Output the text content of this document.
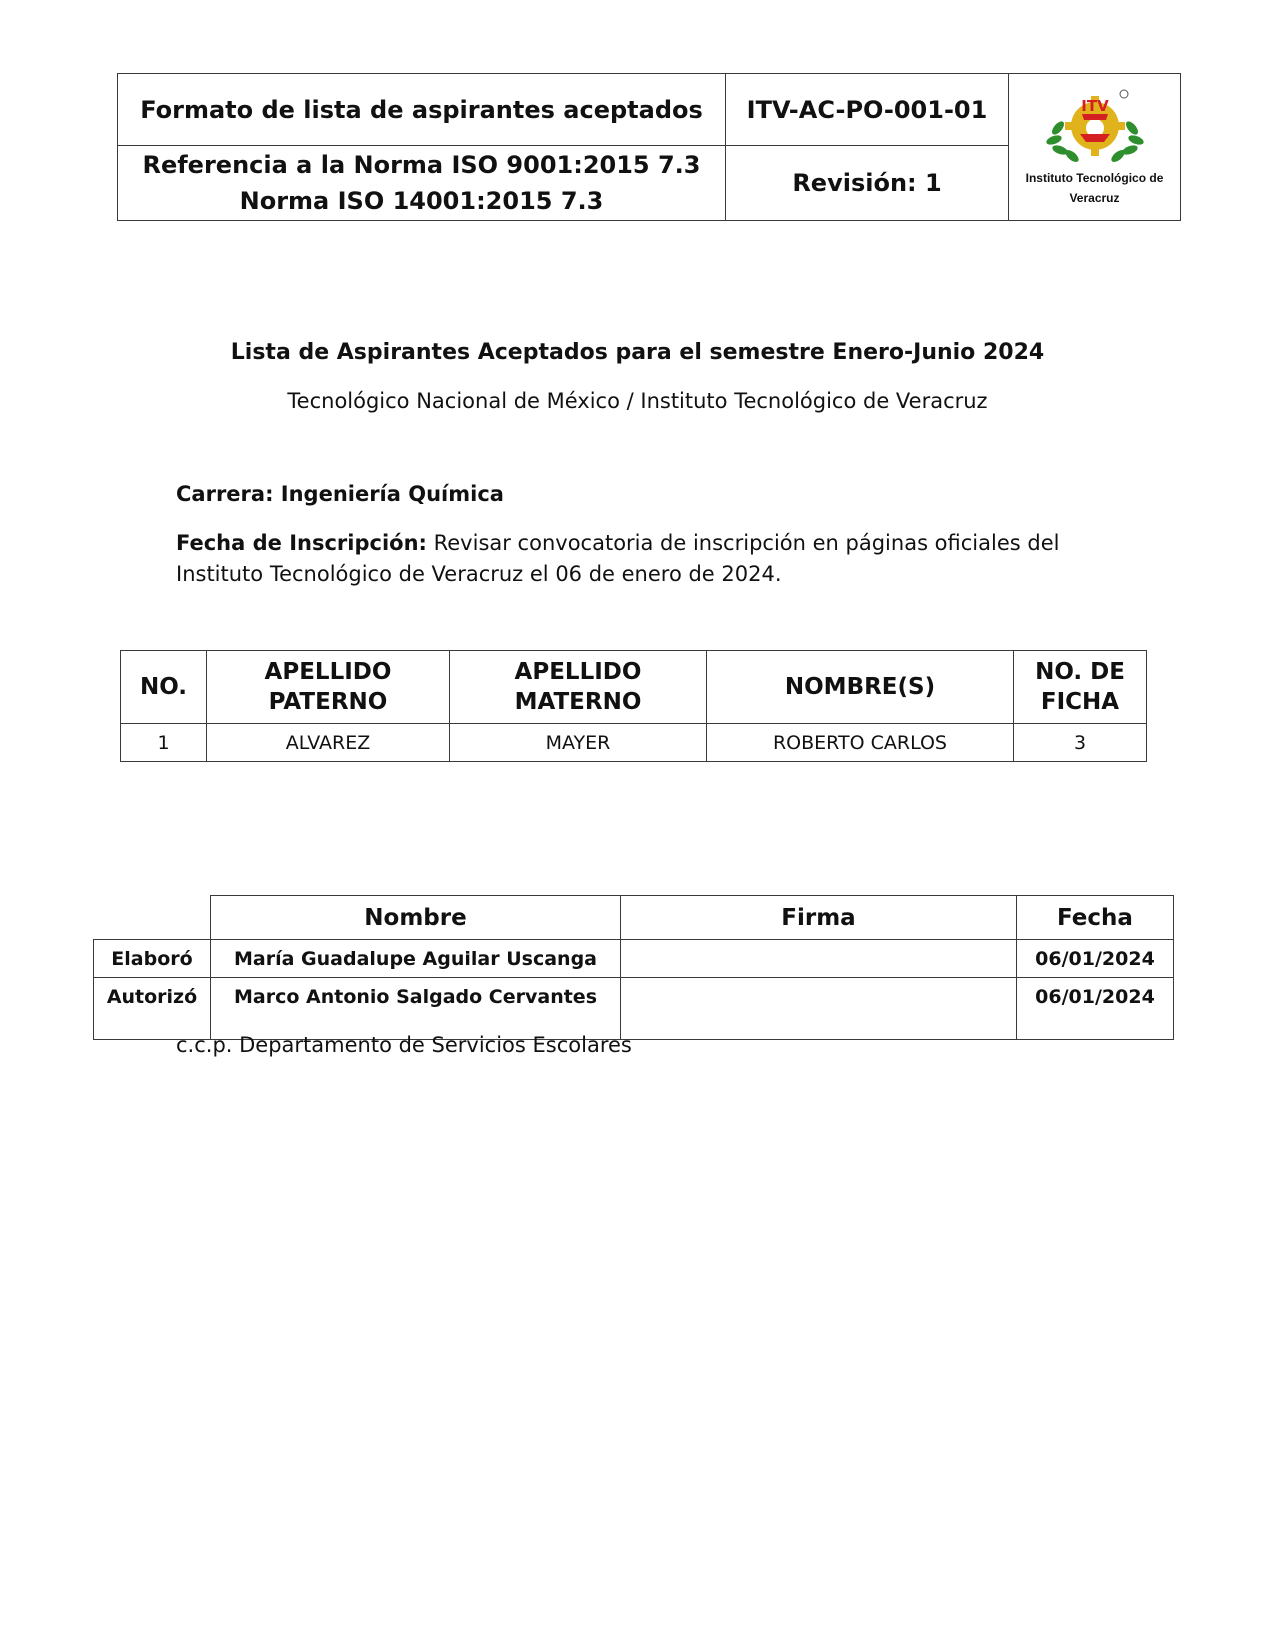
Formato de lista de aspirantes aceptados	ITV-AC-PO-001-01	ITV
Instituto Tecnológico de Veracruz

Referencia a la Norma ISO 9001:2015 7.3
Norma ISO 14001:2015 7.3	Revisión: 1	
Lista de Aspirantes Aceptados para el semestre Enero-Junio 2024
Tecnológico Nacional de México / Instituto Tecnológico de Veracruz
Carrera: Ingeniería Química
Fecha de Inscripción: Revisar convocatoria de inscripción en páginas oficiales del Instituto Tecnológico de Veracruz el 06 de enero de 2024.
NO.	APELLIDO PATERNO	APELLIDO MATERNO	NOMBRE(S)	NO. DE FICHA
1	ALVAREZ	MAYER	ROBERTO CARLOS	3
	Nombre	Firma	Fecha
Elaboró	María Guadalupe Aguilar Uscanga		06/01/2024
Autorizó	Marco Antonio Salgado Cervantes		06/01/2024
c.c.p. Departamento de Servicios Escolares
